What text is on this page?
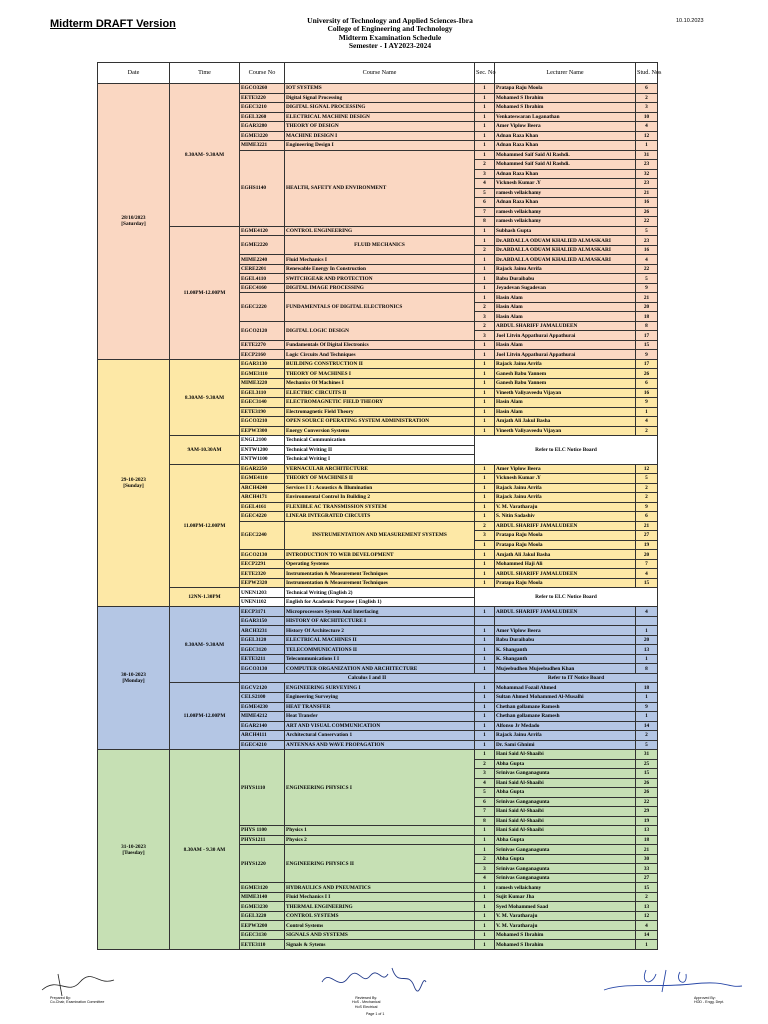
Midterm DRAFT Version	University of Technology and Applied Sciences-Ibra
College of Engineering and Technology
Midterm Examination Schedule
Semester - I AY2023-2024
10.10.2023
Date	Time	Course No	Course Name	Sec. No	Lecturer Name	Stud. Nos

28/10/2023
[Saturday]	8.30AM- 9.30AM	EGCO3260	IOT SYSTEMS	1	Pratapa Raju Moola	6
		EETE3220	Digital Signal Processing	1	Mohamed S Ibrahim	2
		EGEC3210	DIGITAL SIGNAL PROCESSING	1	Mohamed S Ibrahim	3
		EGEL3260	ELECTRICAL MACHINE DESIGN	1	Venkateswaran Loganathan	10
		EGAR3280	THEORY OF DESIGN	1	Amer Viplow Beera	4
		EGME3220	MACHINE DESIGN I	1	Adnan Raza Khan	12
		MIME3221	Engineering Design I	1	Adnan Raza Khan	1
		EGHS1140	HEALTH, SAFETY AND ENVIRONMENT	1	Mohammed Saif Said Al Rashdi.	31
				2	Mohammed Saif Said Al Rashdi.	23
				3	Adnan Raza Khan	32
				4	Vicknesh Kumar .Y	23
				5	ramesh vellaichamy	21
				6	Adnan Raza Khan	16
				7	ramesh vellaichamy	26
				8	ramesh vellaichamy	22
	11.00PM-12.00PM	EGME4120	CONTROL ENGINEERING	1	Subhash Gupta	5
		EGME2220	FLUID MECHANICS	1	Dr.ABDALLA ODUAM KHALIED ALMASKARI	23
				2	Dr.ABDALLA ODUAM KHALIED ALMASKARI	16
		MIME2240	Fluid Mechanics I	1	Dr.ABDALLA ODUAM KHALIED ALMASKARI	4
		CERE2201	Renewable Energy In Construction	1	Rajack Jainu Arrifa	22
		EGEL4110	SWITCHGEAR AND PROTECTION	1	Babu Duraibabu	5
		EGEC4160	DIGITAL IMAGE PROCESSING	1	Jeyadevan Sugadevan	9
		EGEC2220	FUNDAMENTALS OF DIGITAL ELECTRONICS	1	Hasin Alam	21
				2	Hasin Alam	20
				3	Hasin Alam	18
		EGCO2120	DIGITAL LOGIC DESIGN	2	ABDUL SHARIFF JAMALUDEEN	8
				3	Joel Litvin Appathurai Appathurai	17
		EETE2270	Fundamentals Of Digital Electronics	1	Hasin Alam	15
		EECP2160	Logic Circuits And Techniques	1	Joel Litvin Appathurai Appathurai	9

29-10-2023
[Sunday]	8.30AM- 9.30AM	EGAR3130	BUILDING CONSTRUCTION II	1	Rajack Jainu Arrifa	17
		EGME3110	THEORY OF MACHINES I	1	Ganesh Babu Yannem	26
		MIME3220	Mechanics Of Machines I	1	Ganesh Babu Yannem	6
		EGEL3110	ELECTRIC CIRCUITS II	1	Vineeth Valiyaveedu Vijayan	16
		EGEC3140	ELECTROMAGNETIC FIELD THEORY	1	Hasin Alam	9
		EETE3190	Electromagnetic Field Theory	1	Hasin Alam	1
		EGCO3210	OPEN SOURCE OPERATING SYSTEM ADMINISTRATION	1	Amjath Ali Jakul Basha	4
		EEPW3300	Energy Conversion Systems	1	Vineeth Valiyaveedu Vijayan	2
	9AM-10.30AM	ENGL2100	Technical Communication	Refer to ELC Notice Board		
		ENTW1200	Technical Writing II			
		ENTW1100	Technical Writing I			
	11.00PM-12.00PM	EGAR2250	VERNACULAR ARCHITECTURE	1	Amer Viplow Beera	12
		EGME4110	THEORY OF MACHINES II	1	Vicknesh Kumar .Y	5
		ARCH4240	Services I I : Acoustics & Illumination	1	Rajack Jainu Arrifa	2
		ARCH4171	Environmental Control In Building 2	1	Rajack Jainu Arrifa	2
		EGEL4161	FLEXIBLE AC TRANSMISSION SYSTEM	1	V. M. Varatharaju	9
		EGEC4220	LINEAR INTEGRATED CIRCUITS	1	S. Nitin Sadashiv	6
		EGEC2240	INSTRUMENTATION AND MEASUREMENT SYSTEMS	2	ABDUL SHARIFF JAMALUDEEN	21
				3	Pratapa Raju Moola	27
				1	Pratapa Raju Moola	19
		EGCO2130	INTRODUCTION TO WEB DEVELOPMENT	1	Amjath Ali Jakul Basha	20
		EECP2291	Operating Systems	1	Mohammed Haji Ali	7
		EETE2320	Instrumentation & Measurement Techniques	1	ABDUL SHARIFF JAMALUDEEN	4
		EEPW2320	Instrumentation & Measurement Techniques	1	Pratapa Raju Moola	15
	12NN-1.30PM	UNEN1203	Technical Writing (English 2)	Refer to ELC Notice Board		
		UNEN1102	English for Academic Purpose ( English 1)			

30-10-2023
[Monday]	8.30AM- 9.30AM	EECP3171	Microprocessors System And Interfacing	1	ABDUL SHARIFF JAMALUDEEN	4
		EGAR3150	HISTORY OF ARCHITECTURE I			
		ARCH3231	History Of Architecture 2	1	Amer Viplow Beera	1
		EGEL3120	ELECTRICAL MACHINES II	1	Babu Duraibabu	20
		EGEC3120	TELECOMMUNICATIONS II	1	K. Shanganth	13
		EETE3211	Telecommunications I I	1	K. Shanganth	1
		EGCO3130	COMPUTER ORGANIZATION AND ARCHITECTURE	1	Mujeebudhen Mujeebudhen Khan	8
		Calculus I and II			Refer to IT Notice Board	
	11.00PM-12.00PM	EGCV2120	ENGINEERING SURVEYING I	1	Mohammad Fozail Ahmed	18
		CELS2100	Engineering Surveying	1	Sultan Ahmed Mohammed Al-Musalhi	1
		EGME4230	HEAT TRANSFER	1	Chethan gollamane Ramesh	9
		MIME4212	Heat Transfer	1	Chethan gollamane Ramesh	1
		EGAR2140	ART AND VISUAL COMMUNICATION	1	Alfonso Jr Medado	14
		ARCH4111	Architectural Conservation 1	1	Rajack Jainu Arrifa	2
		EGEC4210	ANTENNAS AND WAVE PROPAGATION	1	Dr. Sami Ghnimi	5

31-10-2023
[Tuesday]	8.30AM - 9.30 AM	PHYS1110	ENGINEERING PHYSICS I	1	Hani Said Al-Shaaibi	31
				2	Abha Gupta	25
				3	Srinivas Ganganagunta	15
				4	Hani Said Al-Shaaibi	26
				5	Abha Gupta	26
				6	Srinivas Ganganagunta	22
				7	Hani Said Al-Shaaibi	29
				8	Hani Said Al-Shaaibi	19
		PHYS 1100	Physics 1	1	Hani Said Al-Shaaibi	13
		PHYS1211	Physics 2	1	Abha Gupta	18
		PHYS1220	ENGINEERING PHYSICS II	1	Srinivas Ganganagunta	21
				2	Abha Gupta	30
				3	Srinivas Ganganagunta	33
				4	Srinivas Ganganagunta	27
		EGME3120	HYDRAULICS AND PNEUMATICS	1	ramesh vellaichamy	15
		MIME3140	Fluid Mechanics I I	1	Sujit Kumar Jha	2
		EGME3230	THERMAL ENGINEERING	1	Syed Mohammed Saad	13
		EGEL3220	CONTROL SYSTEMS	1	V. M. Varatharaju	12
		EEPW3200	Control Systems	1	V. M. Varatharaju	4
		EGEC3130	SIGNALS AND SYSTEMS	1	Mohamed S Ibrahim	14
		EETE3110	Signals & Sytems	1	Mohamed S Ibrahim	1
Prepared By:
Co-Chair, Examination Committee
Reviewed By:
HoS - Mechanical
HoS Electrical
Page 1 of 1
Approved By:
HOD - Engg. Dept.
